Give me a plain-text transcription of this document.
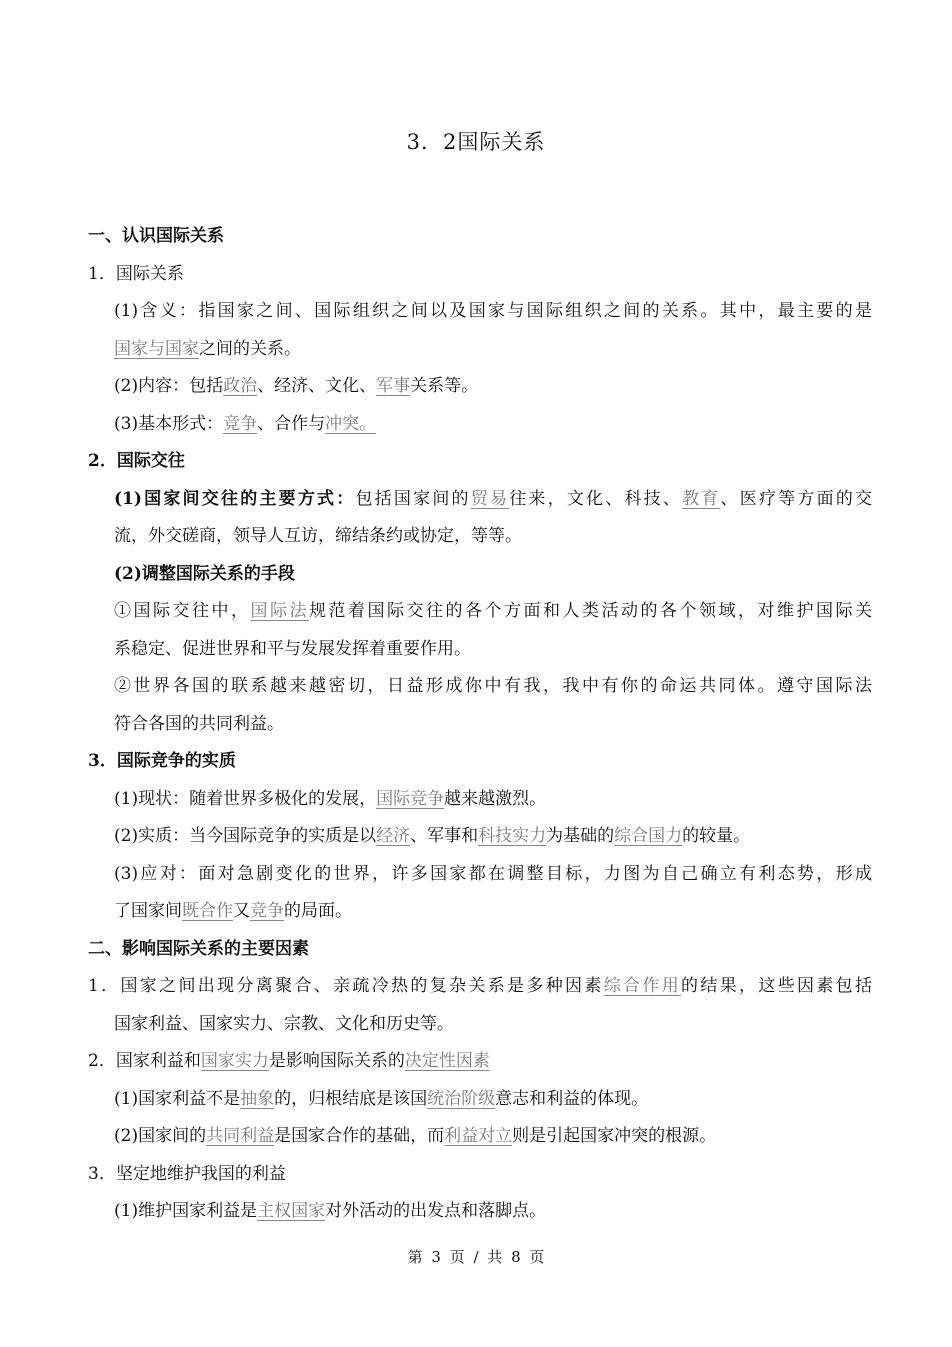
3．2国际关系
一、认识国际关系
1．国际关系
(1)含义：指国家之间、国际组织之间以及国家与国际组织之间的关系。其中，最主要的是
国家与国家之间的关系。
(2)内容：包括政治、经济、文化、军事关系等。
(3)基本形式：竞争、合作与冲突。
2．国际交往
(1)国家间交往的主要方式：包括国家间的贸易往来，文化、科技、教育、医疗等方面的交
流，外交磋商，领导人互访，缔结条约或协定，等等。
(2)调整国际关系的手段
①国际交往中，国际法规范着国际交往的各个方面和人类活动的各个领域，对维护国际关
系稳定、促进世界和平与发展发挥着重要作用。
②世界各国的联系越来越密切，日益形成你中有我，我中有你的命运共同体。遵守国际法
符合各国的共同利益。
3．国际竞争的实质
(1)现状：随着世界多极化的发展，国际竞争越来越激烈。
(2)实质：当今国际竞争的实质是以经济、军事和科技实力为基础的综合国力的较量。
(3)应对：面对急剧变化的世界，许多国家都在调整目标，力图为自己确立有利态势，形成
了国家间既合作又竞争的局面。
二、影响国际关系的主要因素
1．国家之间出现分离聚合、亲疏冷热的复杂关系是多种因素综合作用的结果，这些因素包括
国家利益、国家实力、宗教、文化和历史等。
2．国家利益和国家实力是影响国际关系的决定性因素
(1)国家利益不是抽象的，归根结底是该国统治阶级意志和利益的体现。
(2)国家间的共同利益是国家合作的基础，而利益对立则是引起国家冲突的根源。
3．坚定地维护我国的利益
(1)维护国家利益是主权国家对外活动的出发点和落脚点。
第 3 页 / 共 8 页
